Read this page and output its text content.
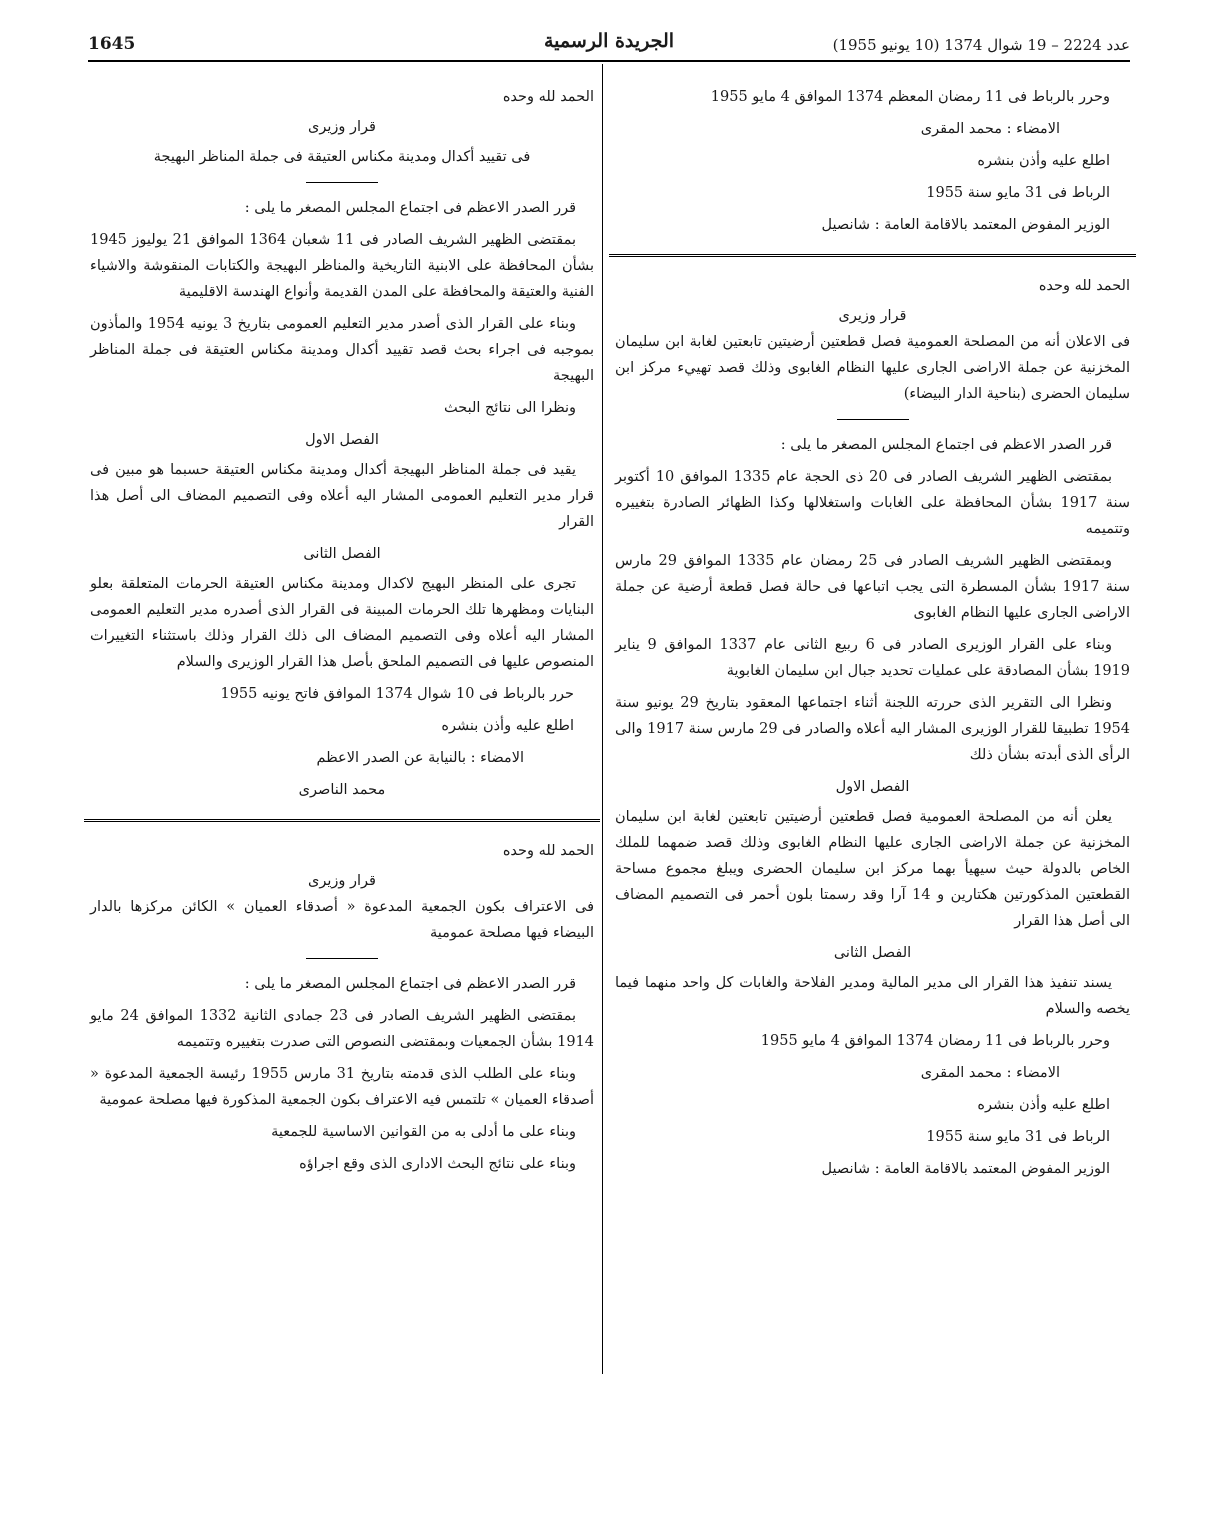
1645	الجريدة الرسمية	عدد 2224 – 19 شوال 1374 (10 يونيو 1955)

وحرر بالرباط فى 11 رمضان المعظم 1374 الموافق 4 مايو 1955

الامضاء : محمد المقرى

اطلع عليه وأذن بنشره

الرباط فى 31 مايو سنة 1955

الوزير المفوض المعتمد بالاقامة العامة : شانصيل

الحمد لله وحده

قرار وزيرى

فى الاعلان أنه من المصلحة العمومية فصل قطعتين أرضيتين تابعتين لغابة ابن سليمان المخزنية عن جملة الاراضى الجارى عليها النظام الغابوى وذلك قصد تهييء مركز ابن سليمان الحضرى (بناحية الدار البيضاء)

قرر الصدر الاعظم فى اجتماع المجلس المصغر ما يلى :

بمقتضى الظهير الشريف الصادر فى 20 ذى الحجة عام 1335 الموافق 10 أكتوبر سنة 1917 بشأن المحافظة على الغابات واستغلالها وكذا الظهائر الصادرة بتغييره وتتميمه

وبمقتضى الظهير الشريف الصادر فى 25 رمضان عام 1335 الموافق 29 مارس سنة 1917 بشأن المسطرة التى يجب اتباعها فى حالة فصل قطعة أرضية عن جملة الاراضى الجارى عليها النظام الغابوى

وبناء على القرار الوزيرى الصادر فى 6 ربيع الثانى عام 1337 الموافق 9 يناير 1919 بشأن المصادقة على عمليات تحديد جبال ابن سليمان الغابوية

ونظرا الى التقرير الذى حررته اللجنة أثناء اجتماعها المعقود بتاريخ 29 يونيو سنة 1954 تطبيقا للقرار الوزيرى المشار اليه أعلاه والصادر فى 29 مارس سنة 1917 والى الرأى الذى أبدته بشأن ذلك

الفصل الاول

يعلن أنه من المصلحة العمومية فصل قطعتين أرضيتين تابعتين لغابة ابن سليمان المخزنية عن جملة الاراضى الجارى عليها النظام الغابوى وذلك قصد ضمهما للملك الخاص بالدولة حيث سيهيأ بهما مركز ابن سليمان الحضرى ويبلغ مجموع مساحة القطعتين المذكورتين هكتارين و 14 آرا وقد رسمتا بلون أحمر فى التصميم المضاف الى أصل هذا القرار

الفصل الثانى

يسند تنفيذ هذا القرار الى مدير المالية ومدير الفلاحة والغابات كل واحد منهما فيما يخصه والسلام

وحرر بالرباط فى 11 رمضان 1374 الموافق 4 مايو 1955

الامضاء : محمد المقرى

اطلع عليه وأذن بنشره

الرباط فى 31 مايو سنة 1955

الوزير المفوض المعتمد بالاقامة العامة : شانصيل

الحمد لله وحده

قرار وزيرى

فى تقييد أكدال ومدينة مكناس العتيقة فى جملة المناظر البهيجة

قرر الصدر الاعظم فى اجتماع المجلس المصغر ما يلى :

بمقتضى الظهير الشريف الصادر فى 11 شعبان 1364 الموافق 21 يوليوز 1945 بشأن المحافظة على الابنية التاريخية والمناظر البهيجة والكتابات المنقوشة والاشياء الفنية والعتيقة والمحافظة على المدن القديمة وأنواع الهندسة الاقليمية

وبناء على القرار الذى أصدر مدير التعليم العمومى بتاريخ 3 يونيه 1954 والمأذون بموجبه فى اجراء بحث قصد تقييد أكدال ومدينة مكناس العتيقة فى جملة المناظر البهيجة

ونظرا الى نتائج البحث

الفصل الاول

يقيد فى جملة المناظر البهيجة أكدال ومدينة مكناس العتيقة حسبما هو مبين فى قرار مدير التعليم العمومى المشار اليه أعلاه وفى التصميم المضاف الى أصل هذا القرار

الفصل الثانى

تجرى على المنظر البهيج لاكدال ومدينة مكناس العتيقة الحرمات المتعلقة بعلو البنايات ومظهرها تلك الحرمات المبينة فى القرار الذى أصدره مدير التعليم العمومى المشار اليه أعلاه وفى التصميم المضاف الى ذلك القرار وذلك باستثناء التغييرات المنصوص عليها فى التصميم الملحق بأصل هذا القرار الوزيرى والسلام

حرر بالرباط فى 10 شوال 1374 الموافق فاتح يونيه 1955

اطلع عليه وأذن بنشره

الامضاء : بالنيابة عن الصدر الاعظم

محمد الناصرى

الحمد لله وحده

قرار وزيرى

فى الاعتراف بكون الجمعية المدعوة « أصدقاء العميان » الكائن مركزها بالدار البيضاء فيها مصلحة عمومية

قرر الصدر الاعظم فى اجتماع المجلس المصغر ما يلى :

بمقتضى الظهير الشريف الصادر فى 23 جمادى الثانية 1332 الموافق 24 مايو 1914 بشأن الجمعيات وبمقتضى النصوص التى صدرت بتغييره وتتميمه

وبناء على الطلب الذى قدمته بتاريخ 31 مارس 1955 رئيسة الجمعية المدعوة « أصدقاء العميان » تلتمس فيه الاعتراف بكون الجمعية المذكورة فيها مصلحة عمومية

وبناء على ما أدلى به من القوانين الاساسية للجمعية

وبناء على نتائج البحث الادارى الذى وقع اجراؤه
